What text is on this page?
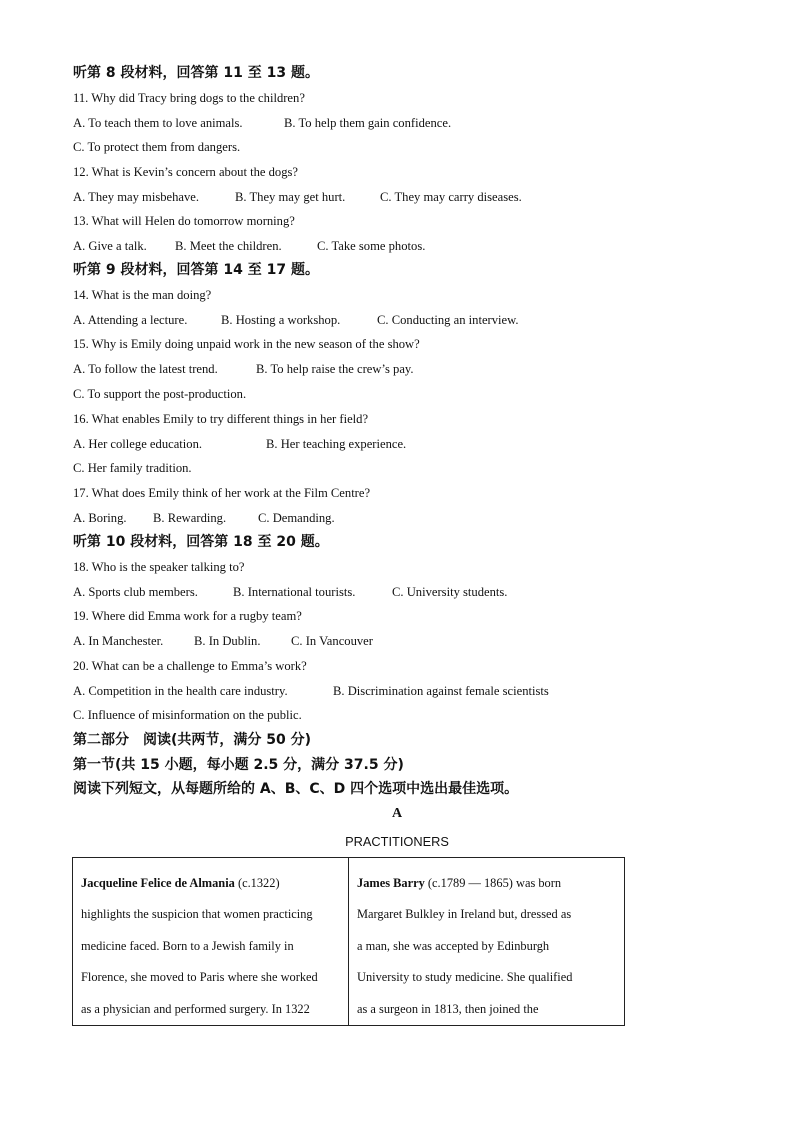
听第 8 段材料，回答第 11 至 13 题。
11. Why did Tracy bring dogs to the children?
A. To teach them to love animals.	B. To help them gain confidence.
C. To protect them from dangers.
12. What is Kevin’s concern about the dogs?
A. They may misbehave.	B. They may get hurt.	C. They may carry diseases.
13. What will Helen do tomorrow morning?
A. Give a talk. B. Meet the children.	C. Take some photos.
听第 9 段材料，回答第 14 至 17 题。
14. What is the man doing?
A. Attending a lecture.	B. Hosting a workshop.	C. Conducting an interview.
15. Why is Emily doing unpaid work in the new season of the show?
A. To follow the latest trend.	B. To help raise the crew’s pay.
C. To support the post-production.
16. What enables Emily to try different things in her field?
A. Her college education.	B. Her teaching experience.
C. Her family tradition.
17. What does Emily think of her work at the Film Centre?
A. Boring. B. Rewarding.	C. Demanding.
听第 10 段材料，回答第 18 至 20 题。
18. Who is the speaker talking to?
A. Sports club members.	B. International tourists.	C. University students.
19. Where did Emma work for a rugby team?
A. In Manchester. B. In Dublin. C. In Vancouver
20. What can be a challenge to Emma’s work?
A. Competition in the health care industry.	B. Discrimination against female scientists
C. Influence of misinformation on the public.
第二部分　阅读(共两节，满分 50 分)
第一节(共 15 小题，每小题 2.5 分，满分 37.5 分)
阅读下列短文，从每题所给的 A、B、C、D 四个选项中选出最佳选项。
A
PRACTITIONERS
Jacqueline Felice de Almania (c.1322)
highlights the suspicion that women practicing
medicine faced. Born to a Jewish family in
Florence, she moved to Paris where she worked
as a physician and performed surgery. In 1322

James Barry (c.1789 — 1865) was born
Margaret Bulkley in Ireland but, dressed as
a man, she was accepted by Edinburgh
University to study medicine. She qualified
as a surgeon in 1813, then joined the
